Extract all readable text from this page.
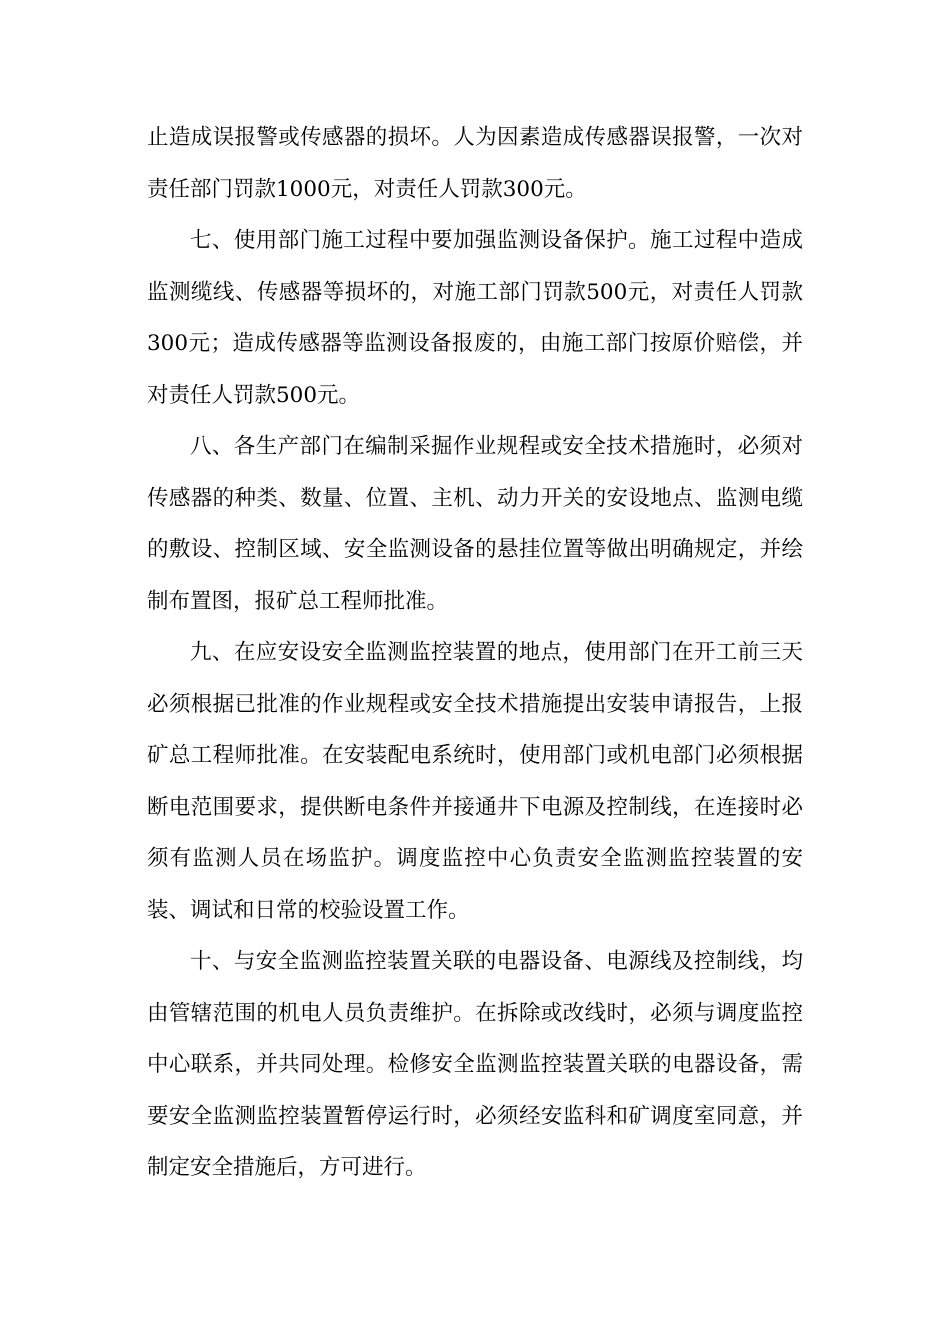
止造成误报警或传感器的损坏。人为因素造成传感器误报警，一次对责任部门罚款1000元，对责任人罚款300元。

七、使用部门施工过程中要加强监测设备保护。施工过程中造成监测缆线、传感器等损坏的，对施工部门罚款500元，对责任人罚款300元；造成传感器等监测设备报废的，由施工部门按原价赔偿，并对责任人罚款500元。

八、各生产部门在编制采掘作业规程或安全技术措施时，必须对传感器的种类、数量、位置、主机、动力开关的安设地点、监测电缆的敷设、控制区域、安全监测设备的悬挂位置等做出明确规定，并绘制布置图，报矿总工程师批准。

九、在应安设安全监测监控装置的地点，使用部门在开工前三天必须根据已批准的作业规程或安全技术措施提出安装申请报告，上报矿总工程师批准。在安装配电系统时，使用部门或机电部门必须根据断电范围要求，提供断电条件并接通井下电源及控制线，在连接时必须有监测人员在场监护。调度监控中心负责安全监测监控装置的安装、调试和日常的校验设置工作。

十、与安全监测监控装置关联的电器设备、电源线及控制线，均由管辖范围的机电人员负责维护。在拆除或改线时，必须与调度监控中心联系，并共同处理。检修安全监测监控装置关联的电器设备，需要安全监测监控装置暂停运行时，必须经安监科和矿调度室同意，并制定安全措施后，方可进行。
